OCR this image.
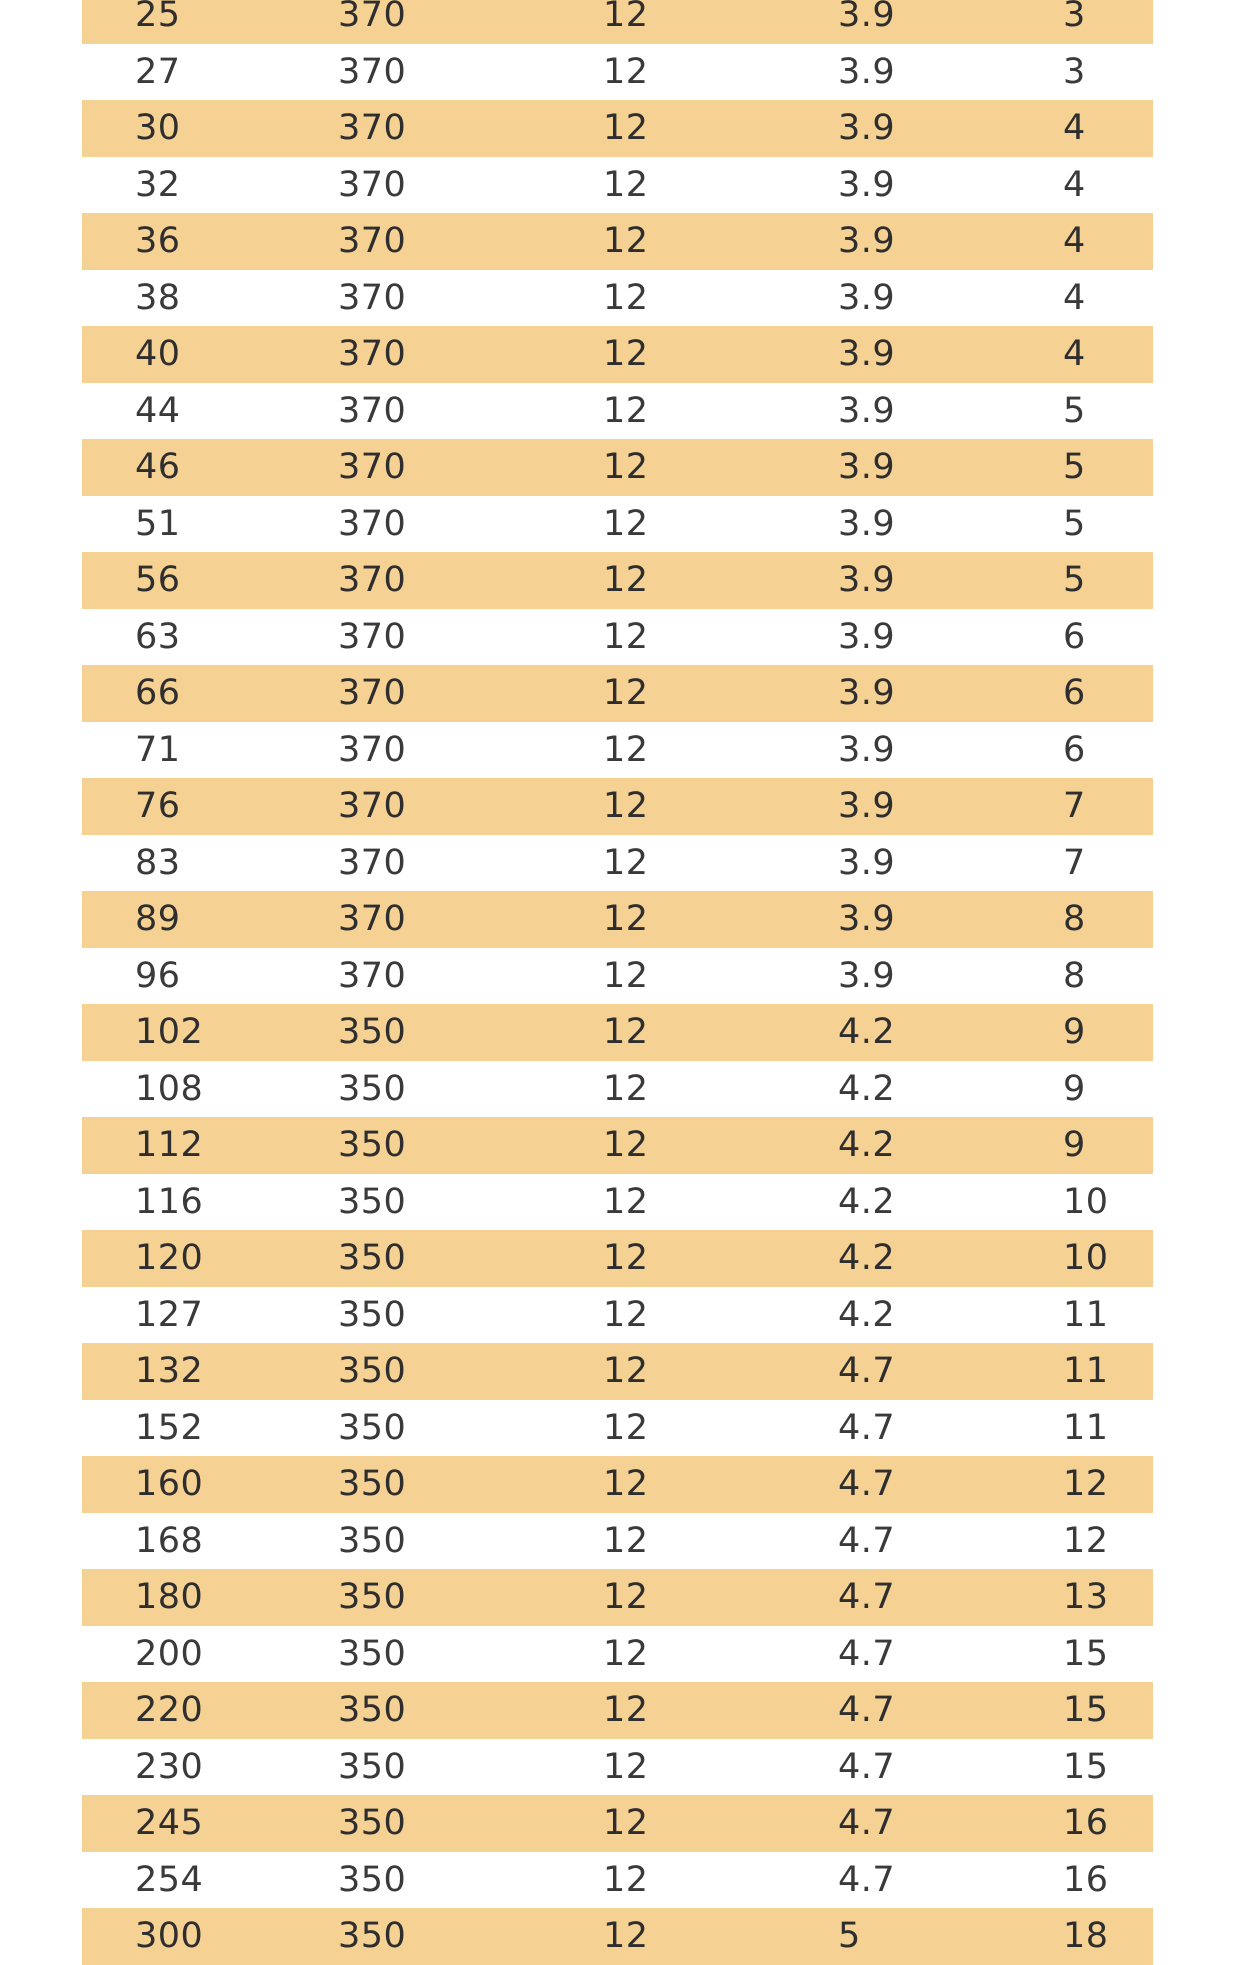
25	370	12	3.9	3
27	370	12	3.9	3
30	370	12	3.9	4
32	370	12	3.9	4
36	370	12	3.9	4
38	370	12	3.9	4
40	370	12	3.9	4
44	370	12	3.9	5
46	370	12	3.9	5
51	370	12	3.9	5
56	370	12	3.9	5
63	370	12	3.9	6
66	370	12	3.9	6
71	370	12	3.9	6
76	370	12	3.9	7
83	370	12	3.9	7
89	370	12	3.9	8
96	370	12	3.9	8
102	350	12	4.2	9
108	350	12	4.2	9
112	350	12	4.2	9
116	350	12	4.2	10
120	350	12	4.2	10
127	350	12	4.2	11
132	350	12	4.7	11
152	350	12	4.7	11
160	350	12	4.7	12
168	350	12	4.7	12
180	350	12	4.7	13
200	350	12	4.7	15
220	350	12	4.7	15
230	350	12	4.7	15
245	350	12	4.7	16
254	350	12	4.7	16
300	350	12	5	18
